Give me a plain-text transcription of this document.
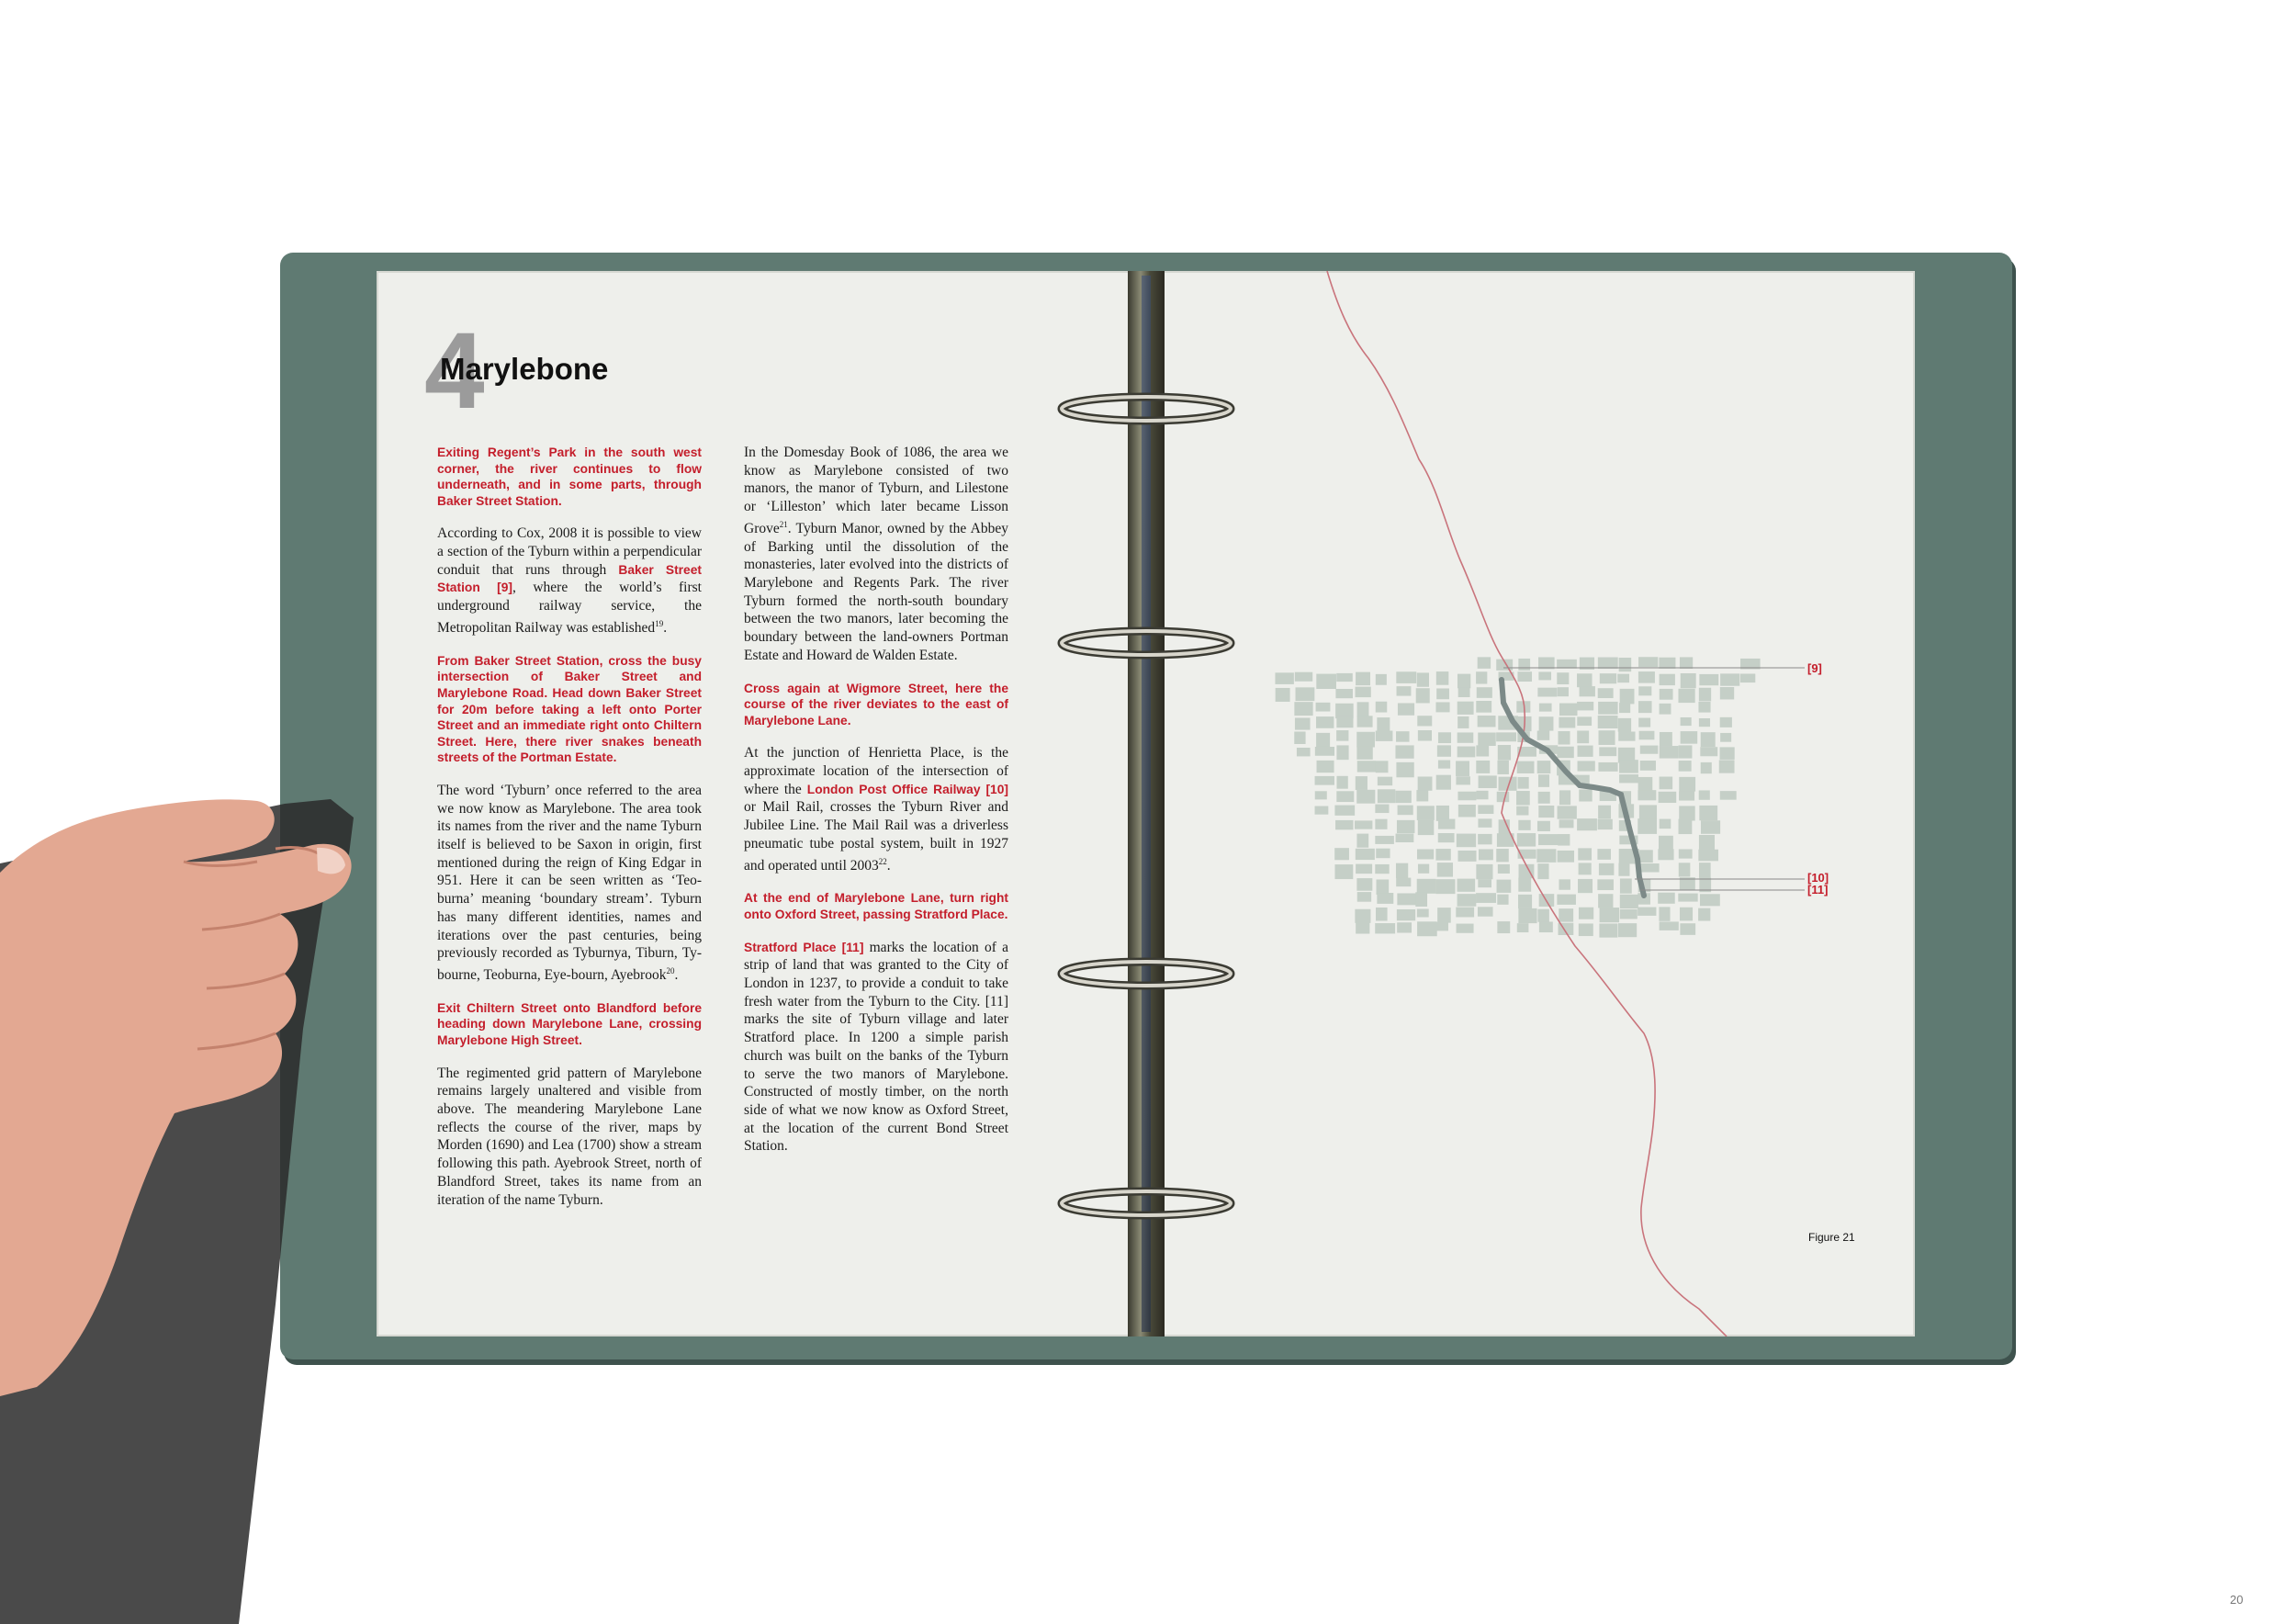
4
Marylebone

Exiting Regent’s Park in the south west corner, the river continues to flow underneath, and in some parts, through Baker Street Station.

According to Cox, 2008 it is possible to view a section of the Tyburn within a perpendicular conduit that runs through Baker Street Station [9], where the world’s first underground railway service, the Metropolitan Railway was established$^{19}$.

From Baker Street Station, cross the busy intersection of Baker Street and Marylebone Road. Head down Baker Street for 20m before taking a left onto Porter Street and an immediate right onto Chiltern Street. Here, there river snakes beneath streets of the Portman Estate.

The word ‘Tyburn’ once referred to the area we now know as Marylebone. The area took its names from the river and the name Tyburn itself is believed to be Saxon in origin, first mentioned during the reign of King Edgar in 951. Here it can be seen written as ‘Teo-burna’ meaning ‘boundary stream’. Tyburn has many different identities, names and iterations over the past centuries, being previously recorded as Tyburnya, Tiburn, Ty-bourne, Teoburna, Eye-bourn, Ayebrook$^{20}$.

Exit Chiltern Street onto Blandford before heading down Marylebone Lane, crossing Marylebone High Street.

The regimented grid pattern of Marylebone remains largely unaltered and visible from above. The meandering Marylebone Lane reflects the course of the river, maps by Morden (1690) and Lea (1700) show a stream following this path. Ayebrook Street, north of Blandford Street, takes its name from an iteration of the name Tyburn.

In the Domesday Book of 1086, the area we know as Marylebone consisted of two manors, the manor of Tyburn, and Lilestone or ‘Lilleston’ which later became Lisson Grove$^{21}$. Tyburn Manor, owned by the Abbey of Barking until the dissolution of the monasteries, later evolved into the districts of Marylebone and Regents Park. The river Tyburn formed the north-south boundary between the two manors, later becoming the boundary between the land-owners Portman Estate and Howard de Walden Estate.

Cross again at Wigmore Street, here the course of the river deviates to the east of Marylebone Lane.

At the junction of Henrietta Place, is the approximate location of the intersection of where the London Post Office Railway [10] or Mail Rail, crosses the Tyburn River and Jubilee Line. The Mail Rail was a driverless pneumatic tube postal system, built in 1927 and operated until 2003$^{22}$.

At the end of Marylebone Lane, turn right onto Oxford Street, passing Stratford Place.

Stratford Place [11] marks the location of a strip of land that was granted to the City of London in 1237, to provide a conduit to take fresh water from the Tyburn to the City. [11] marks the site of Tyburn village and later Stratford place. In 1200 a simple parish church was built on the banks of the Tyburn to serve the two manors of Marylebone. Constructed of mostly timber, on the north side of what we now know as Oxford Street, at the location of the current Bond Street Station.

[9]
[10]
[11]
Figure 21
20
